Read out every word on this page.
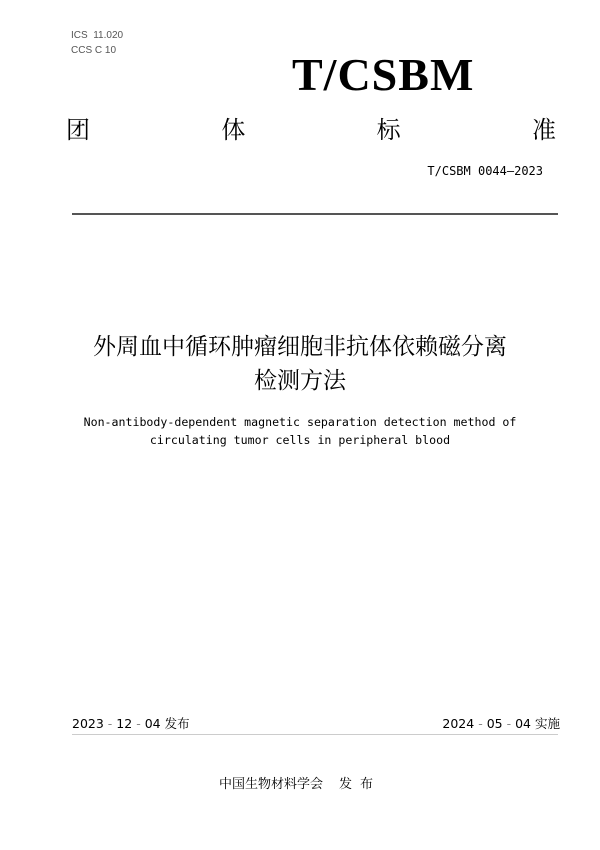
ICS  11.020
CCS C 10	T/CSBM
团	体	标	准
T/CSBM 0044—2023
外周血中循环肿瘤细胞非抗体依赖磁分离
检测方法
Non-antibody-dependent magnetic separation detection method of
circulating tumor cells in peripheral blood
2023 - 12 - 04 发布	2024 - 05 - 04 实施
中国生物材料学会 发布
